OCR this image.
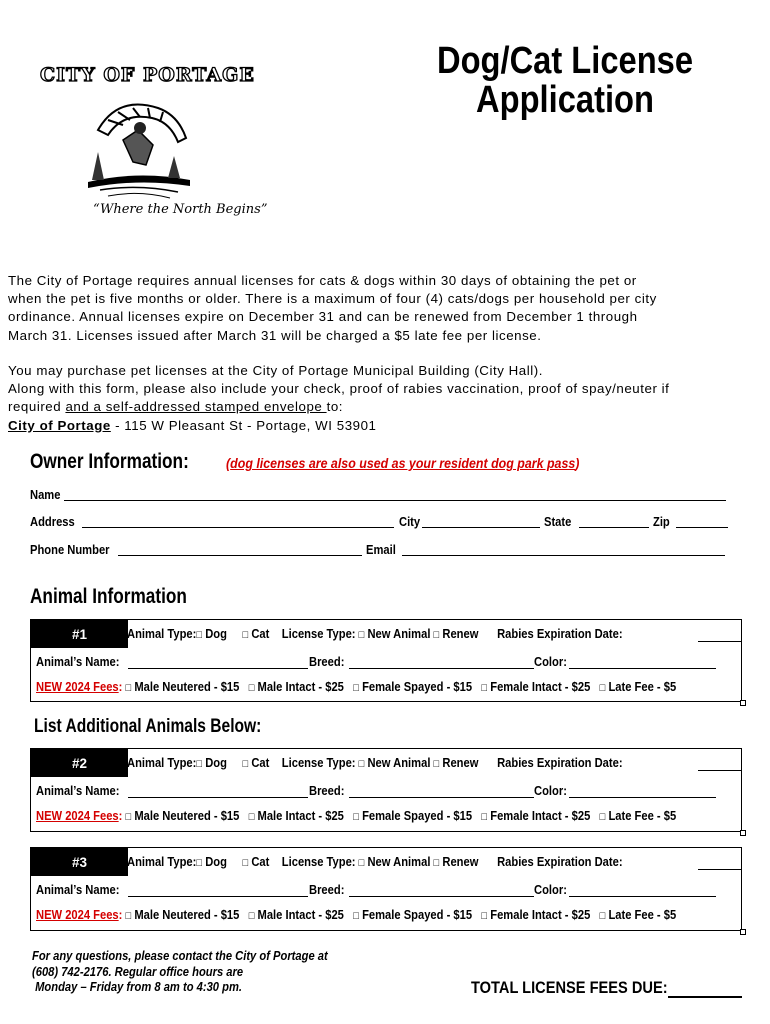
CITY OF PORTAGE
“Where the North Begins”
Dog/Cat License
Application

The City of Portage requires annual licenses for cats & dogs within 30 days of obtaining the pet or

when the pet is five months or older. There is a maximum of four (4) cats/dogs per household per city

ordinance. Annual licenses expire on December 31 and can be renewed from December 1 through

March 31. Licenses issued after March 31 will be charged a $5 late fee per license.

You may purchase pet licenses at the City of Portage Municipal Building (City Hall).

Along with this form, please also include your check, proof of rabies vaccination, proof of spay/neuter if

required and a self-addressed stamped envelope to:

City of Portage - 115 W Pleasant St - Portage, WI 53901

Owner Information:	(dog licenses are also used as your resident dog park pass)
Name
Address	City	State	Zip
Phone Number	Email
Animal Information
#1	Animal Type:□ Dog □ Cat License Type: □ New Animal □ Renew Rabies Expiration Date:
Animal’s Name:	Breed:	Color:
NEW 2024 Fees: □ Male Neutered - $15 □ Male Intact - $25 □ Female Spayed - $15 □ Female Intact - $25 □ Late Fee - $5
List Additional Animals Below:
#2	Animal Type:□ Dog □ Cat License Type: □ New Animal □ Renew Rabies Expiration Date:
Animal’s Name:	Breed:	Color:
NEW 2024 Fees: □ Male Neutered - $15 □ Male Intact - $25 □ Female Spayed - $15 □ Female Intact - $25 □ Late Fee - $5
#3	Animal Type:□ Dog □ Cat License Type: □ New Animal □ Renew Rabies Expiration Date:
Animal’s Name:	Breed:	Color:
NEW 2024 Fees: □ Male Neutered - $15 □ Male Intact - $25 □ Female Spayed - $15 □ Female Intact - $25 □ Late Fee - $5
For any questions, please contact the City of Portage at
(608) 742-2176. Regular office hours are
Monday – Friday from 8 am to 4:30 pm.	TOTAL LICENSE FEES DUE:
